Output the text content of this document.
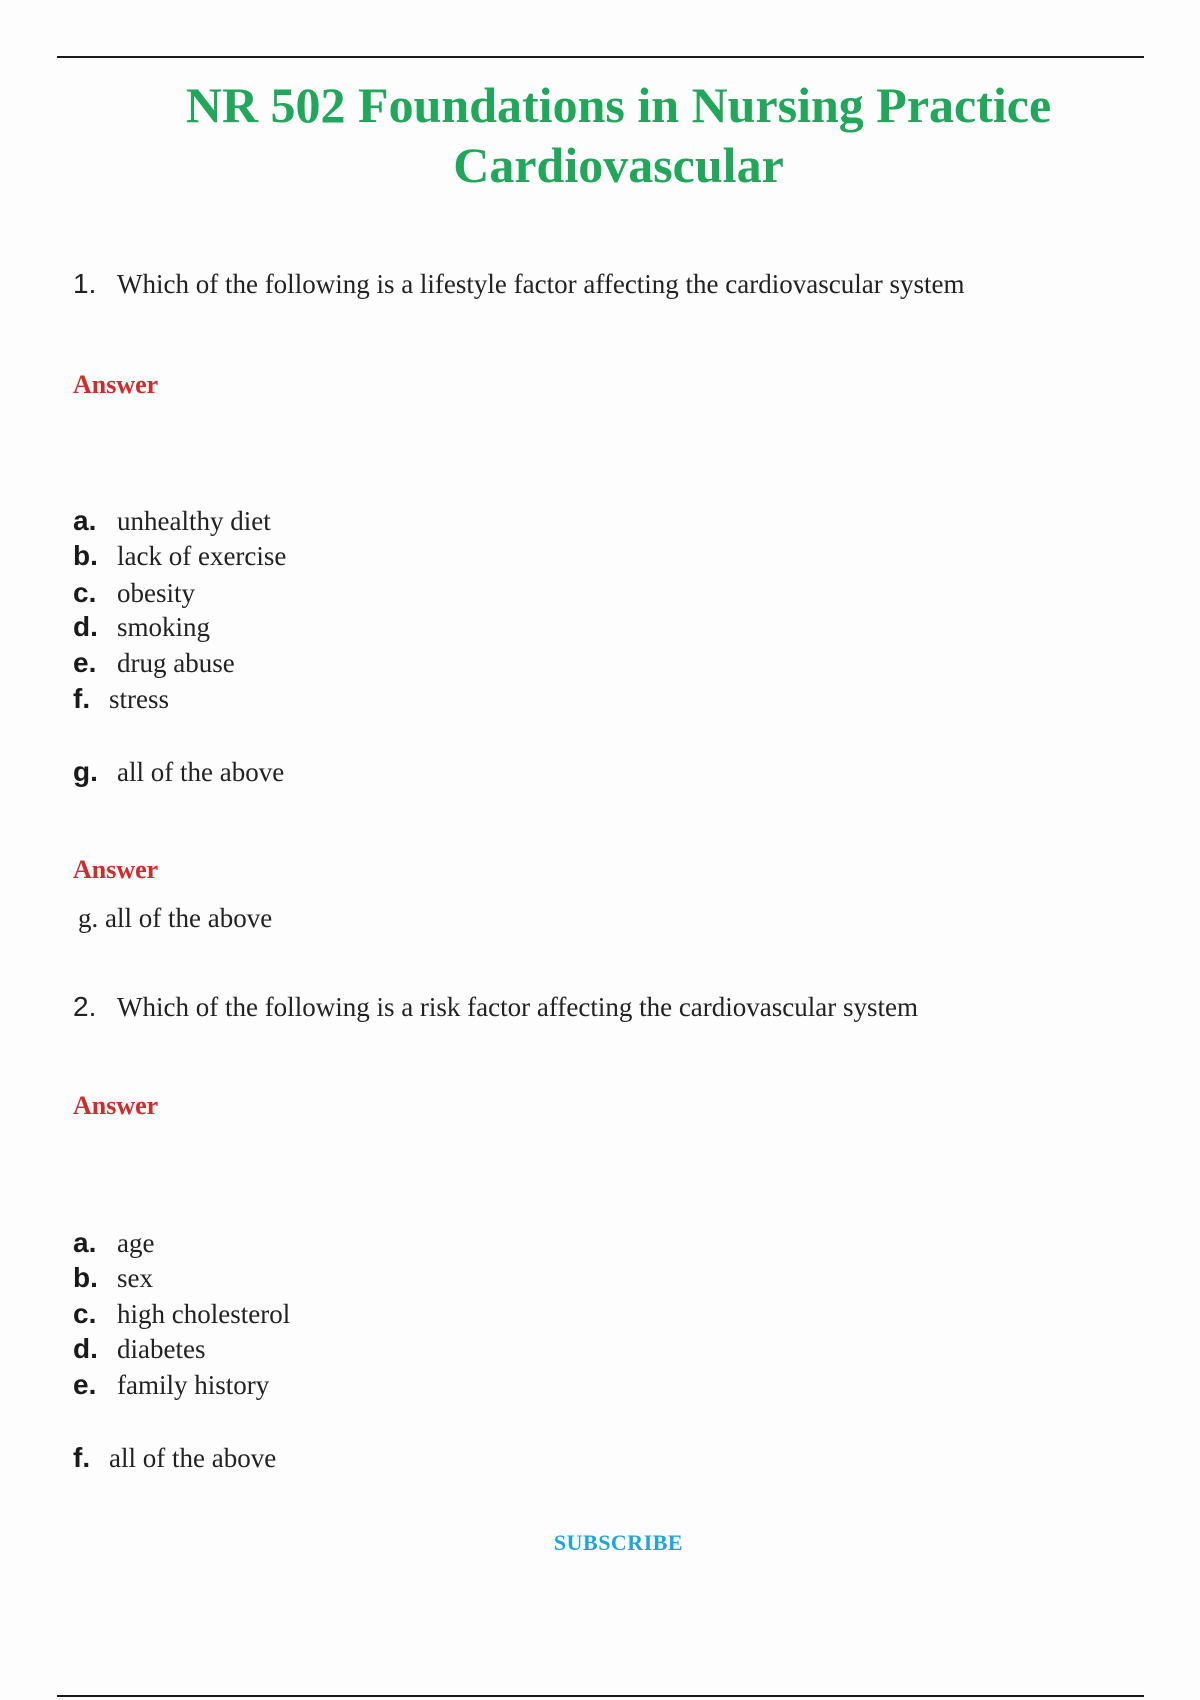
NR 502 Foundations in Nursing Practice
Cardiovascular
1. Which of the following is a lifestyle factor affecting the cardiovascular system
Answer
a. unhealthy diet
b. lack of exercise
c. obesity
d. smoking
e. drug abuse
f. stress
g. all of the above
Answer
g. all of the above
2. Which of the following is a risk factor affecting the cardiovascular system
Answer
a. age
b. sex
c. high cholesterol
d. diabetes
e. family history
f. all of the above
SUBSCRIBE
